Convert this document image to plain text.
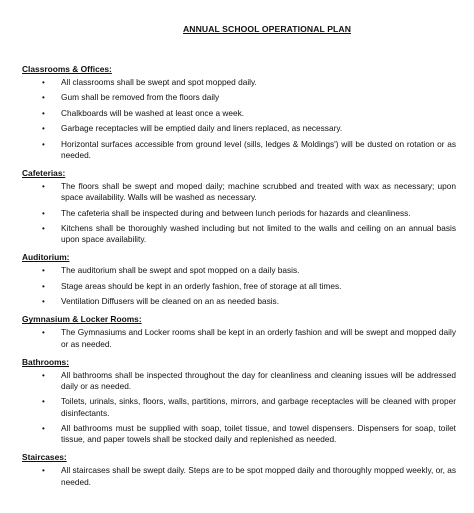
ANNUAL SCHOOL OPERATIONAL PLAN
Classrooms & Offices:
• All classrooms shall be swept and spot mopped daily.
• Gum shall be removed from the floors daily
• Chalkboards will be washed at least once a week.
• Garbage receptacles will be emptied daily and liners replaced, as necessary.
• Horizontal surfaces accessible from ground level (sills, ledges & Moldings') will be dusted on rotation or as needed.
Cafeterias:
• The floors shall be swept and moped daily; machine scrubbed and treated with wax as necessary; upon space availability. Walls will be washed as necessary.
• The cafeteria shall be inspected during and between lunch periods for hazards and cleanliness.
• Kitchens shall be thoroughly washed including but not limited to the walls and ceiling on an annual basis upon space availability.
Auditorium:
• The auditorium shall be swept and spot mopped on a daily basis.
• Stage areas should be kept in an orderly fashion, free of storage at all times.
• Ventilation Diffusers will be cleaned on an as needed basis.
Gymnasium & Locker Rooms:
• The Gymnasiums and Locker rooms shall be kept in an orderly fashion and will be swept and mopped daily or as needed.
Bathrooms:
• All bathrooms shall be inspected throughout the day for cleanliness and cleaning issues will be addressed daily or as needed.
• Toilets, urinals, sinks, floors, walls, partitions, mirrors, and garbage receptacles will be cleaned with proper disinfectants.
• All bathrooms must be supplied with soap, toilet tissue, and towel dispensers. Dispensers for soap, toilet tissue, and paper towels shall be stocked daily and replenished as needed.
Staircases:
• All staircases shall be swept daily. Steps are to be spot mopped daily and thoroughly mopped weekly, or, as needed.
